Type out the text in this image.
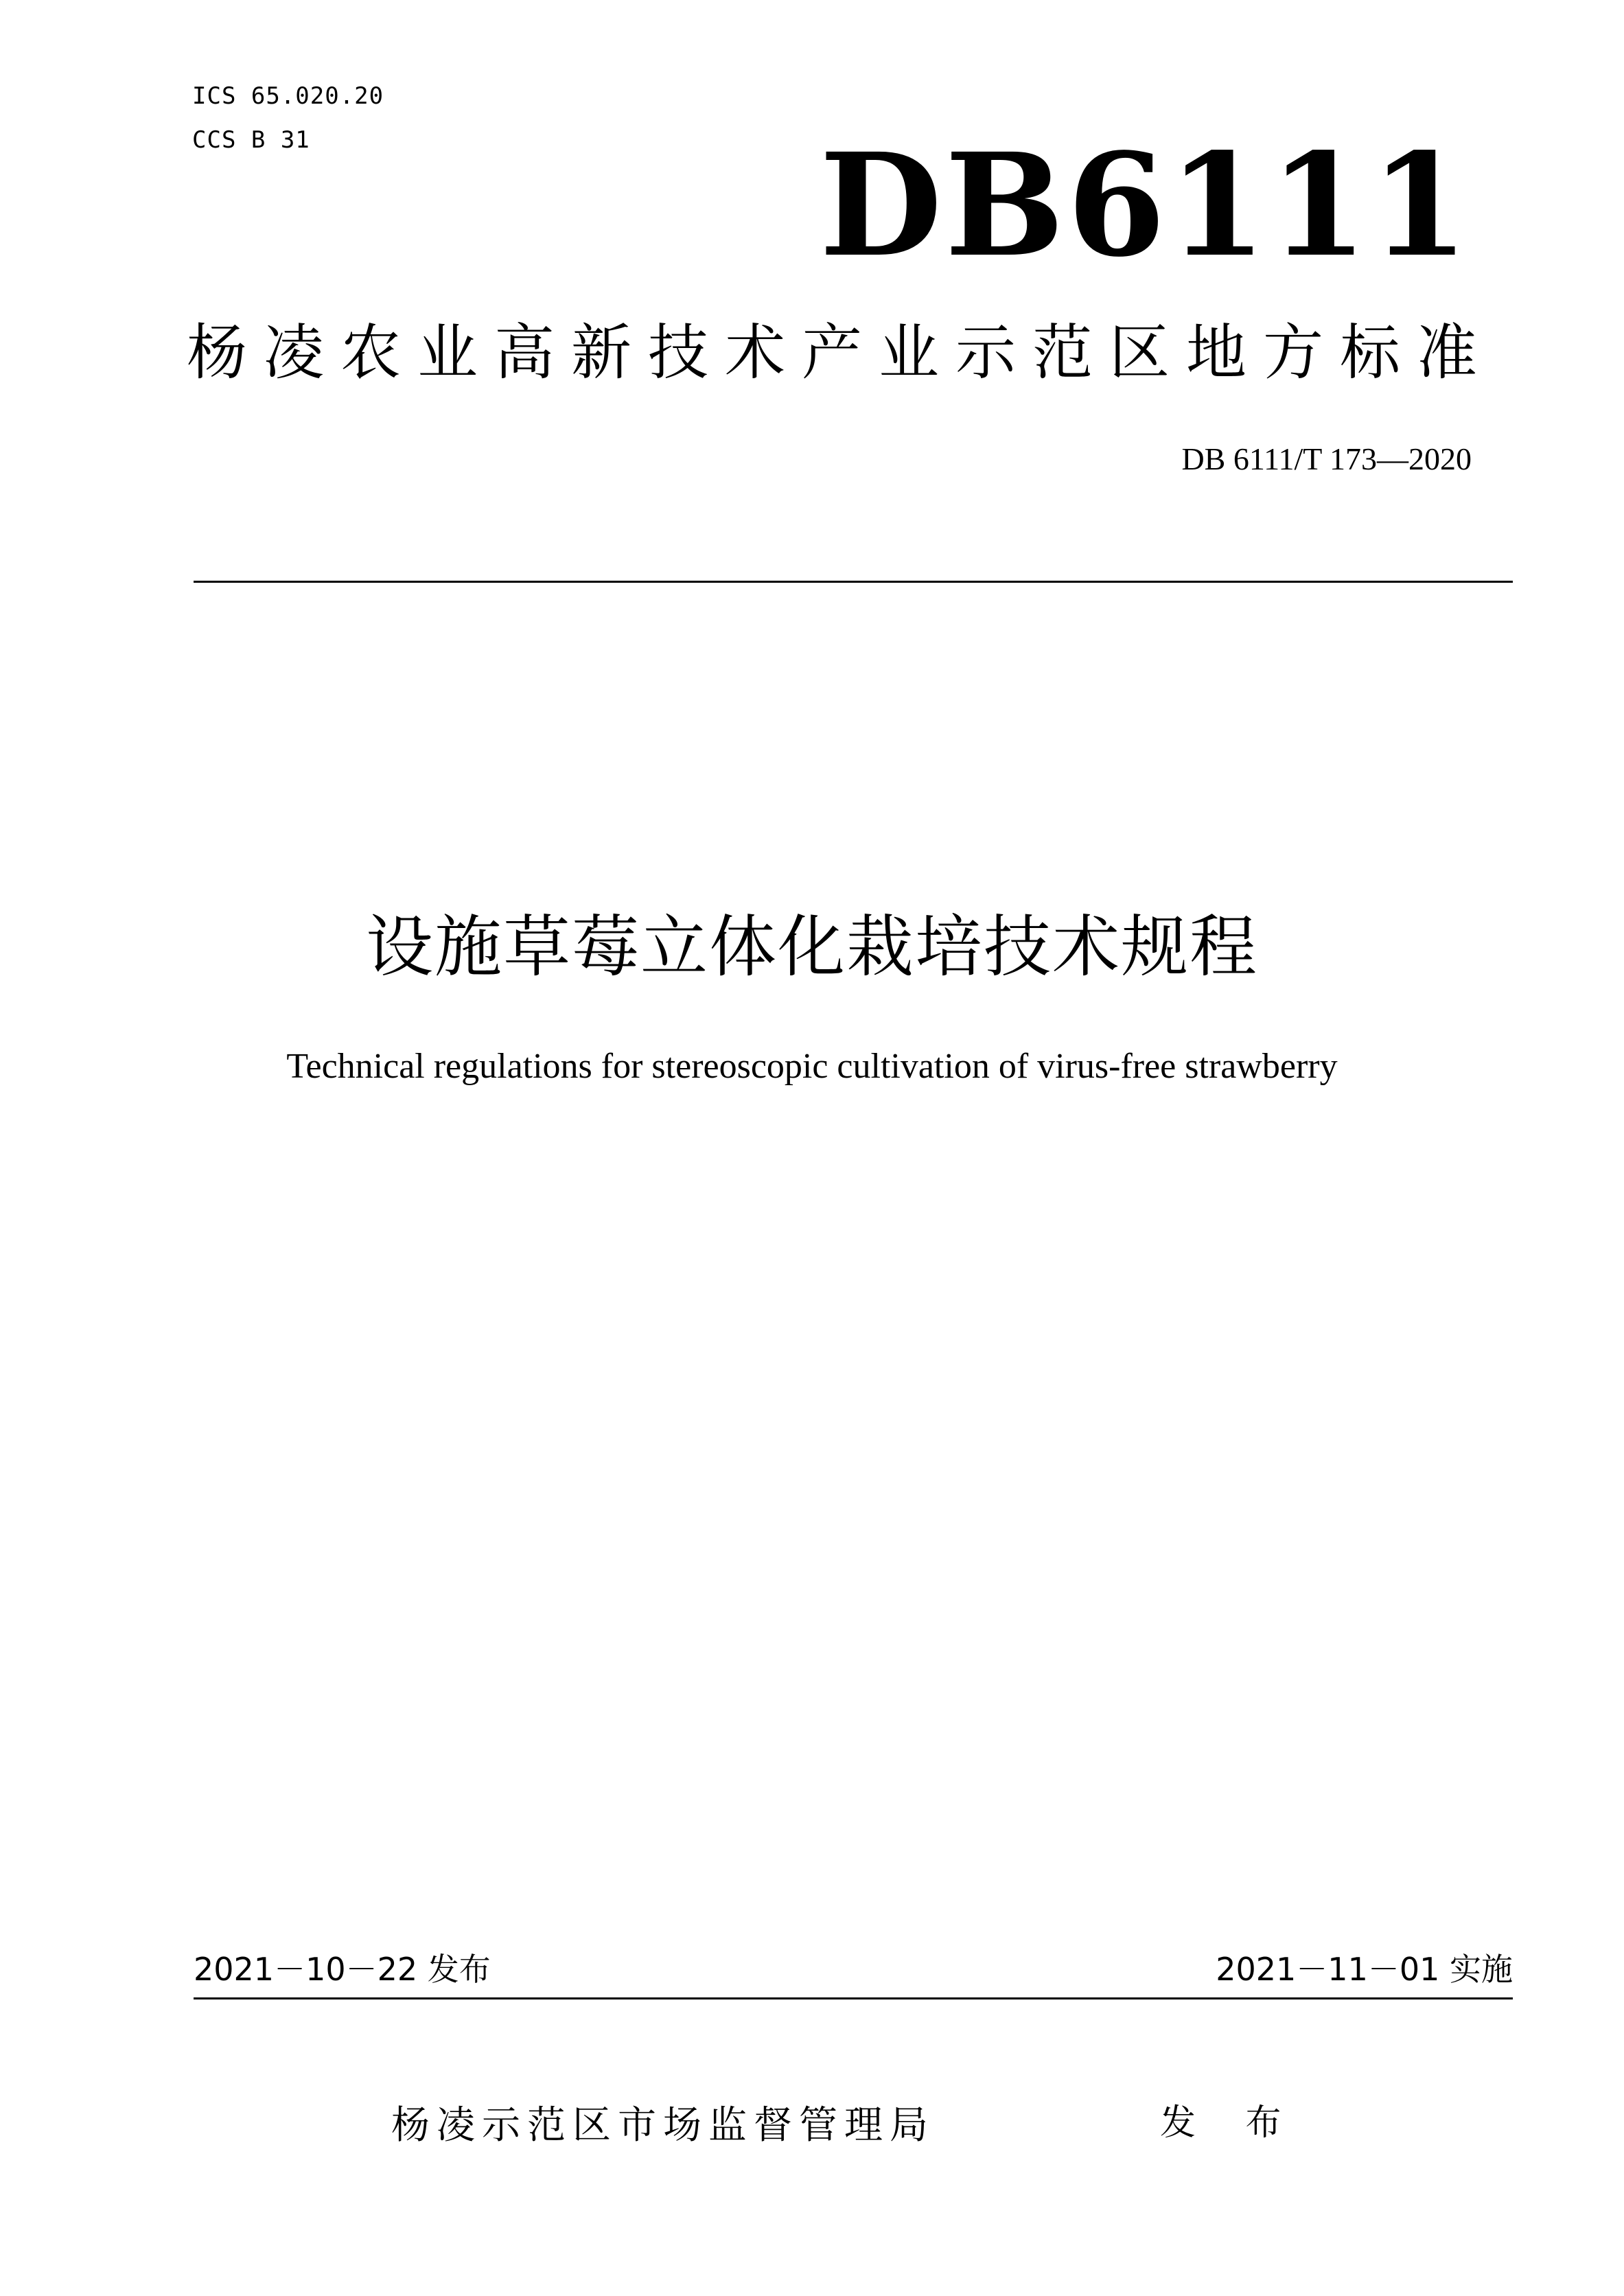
ICS 65.020.20
CCS B 31	DB6111
杨凌农业高新技术产业示范区地方标准
DB 6111/T 173—2020
设施草莓立体化栽培技术规程
Technical regulations for stereoscopic cultivation of virus-free strawberry
2021－10－22 发布	2021－11－01 实施
杨凌示范区市场监督管理局	发 布
